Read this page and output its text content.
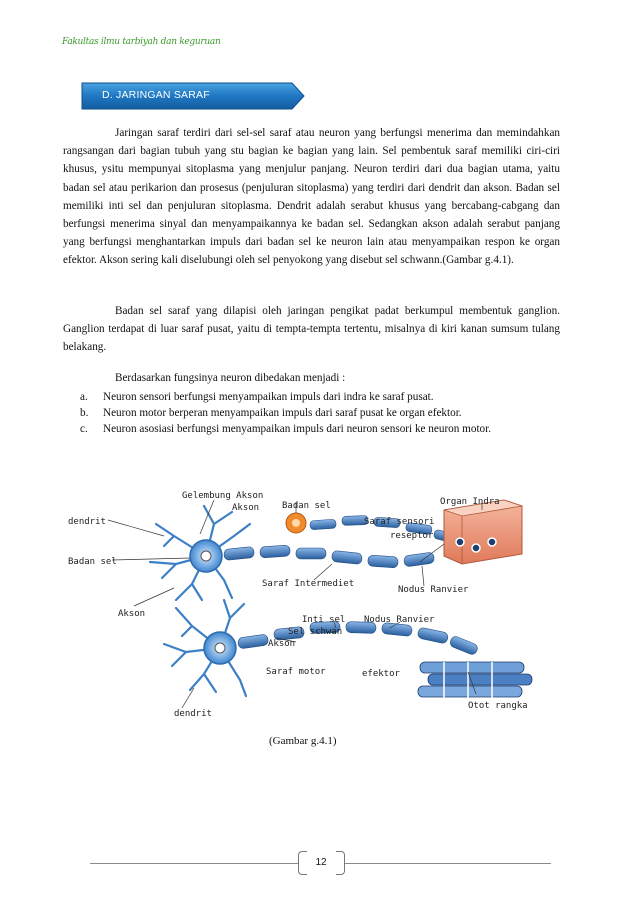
Fakultas ilmu tarbiyah dan keguruan
D. JARINGAN SARAF

Jaringan saraf terdiri dari sel-sel saraf atau neuron yang berfungsi menerima dan memindahkan rangsangan dari bagian tubuh yang stu bagian ke bagian yang lain. Sel pembentuk saraf memiliki ciri-ciri khusus, ysitu mempunyai sitoplasma yang menjulur panjang. Neuron terdiri dari dua bagian utama, yaitu badan sel atau perikarion dan prosesus (penjuluran sitoplasma) yang terdiri dari dendrit dan akson. Badan sel memiliki inti sel dan penjuluran sitoplasma. Dendrit adalah serabut khusus yang bercabang-cabgang dan berfungsi menerima sinyal dan menyampaikannya ke badan sel. Sedangkan akson adalah serabut panjang yang berfungsi menghantarkan impuls dari badan sel ke neuron lain atau menyampaikan respon ke organ efektor. Akson sering kali diselubungi oleh sel penyokong yang disebut sel schwann.(Gambar g.4.1).

Badan sel saraf yang dilapisi oleh jaringan pengikat padat berkumpul membentuk ganglion. Ganglion terdapat di luar saraf pusat, yaitu di tempta-tempta tertentu, misalnya di kiri kanan sumsum tulang belakang.

Berdasarkan fungsinya neuron dibedakan menjadi :

a. Neuron sensori berfungsi menyampaikan impuls dari indra ke saraf pusat.
b. Neuron motor berperan menyampaikan impuls dari saraf pusat ke organ efektor.
c. Neuron asosiasi berfungsi menyampaikan impuls dari neuron sensori ke neuron motor.
Gelembung Akson
Akson	Badan sel	Organ Indra
Saraf sensori
reseptor
dendrit
Badan sel
Saraf Intermediet
Nodus Ranvier
Akson
Inti sel
Sel schwan
Nodus Ranvier
Akson
Saraf motor	efektor
dendrit
Otot rangka
(Gambar g.4.1)
12
